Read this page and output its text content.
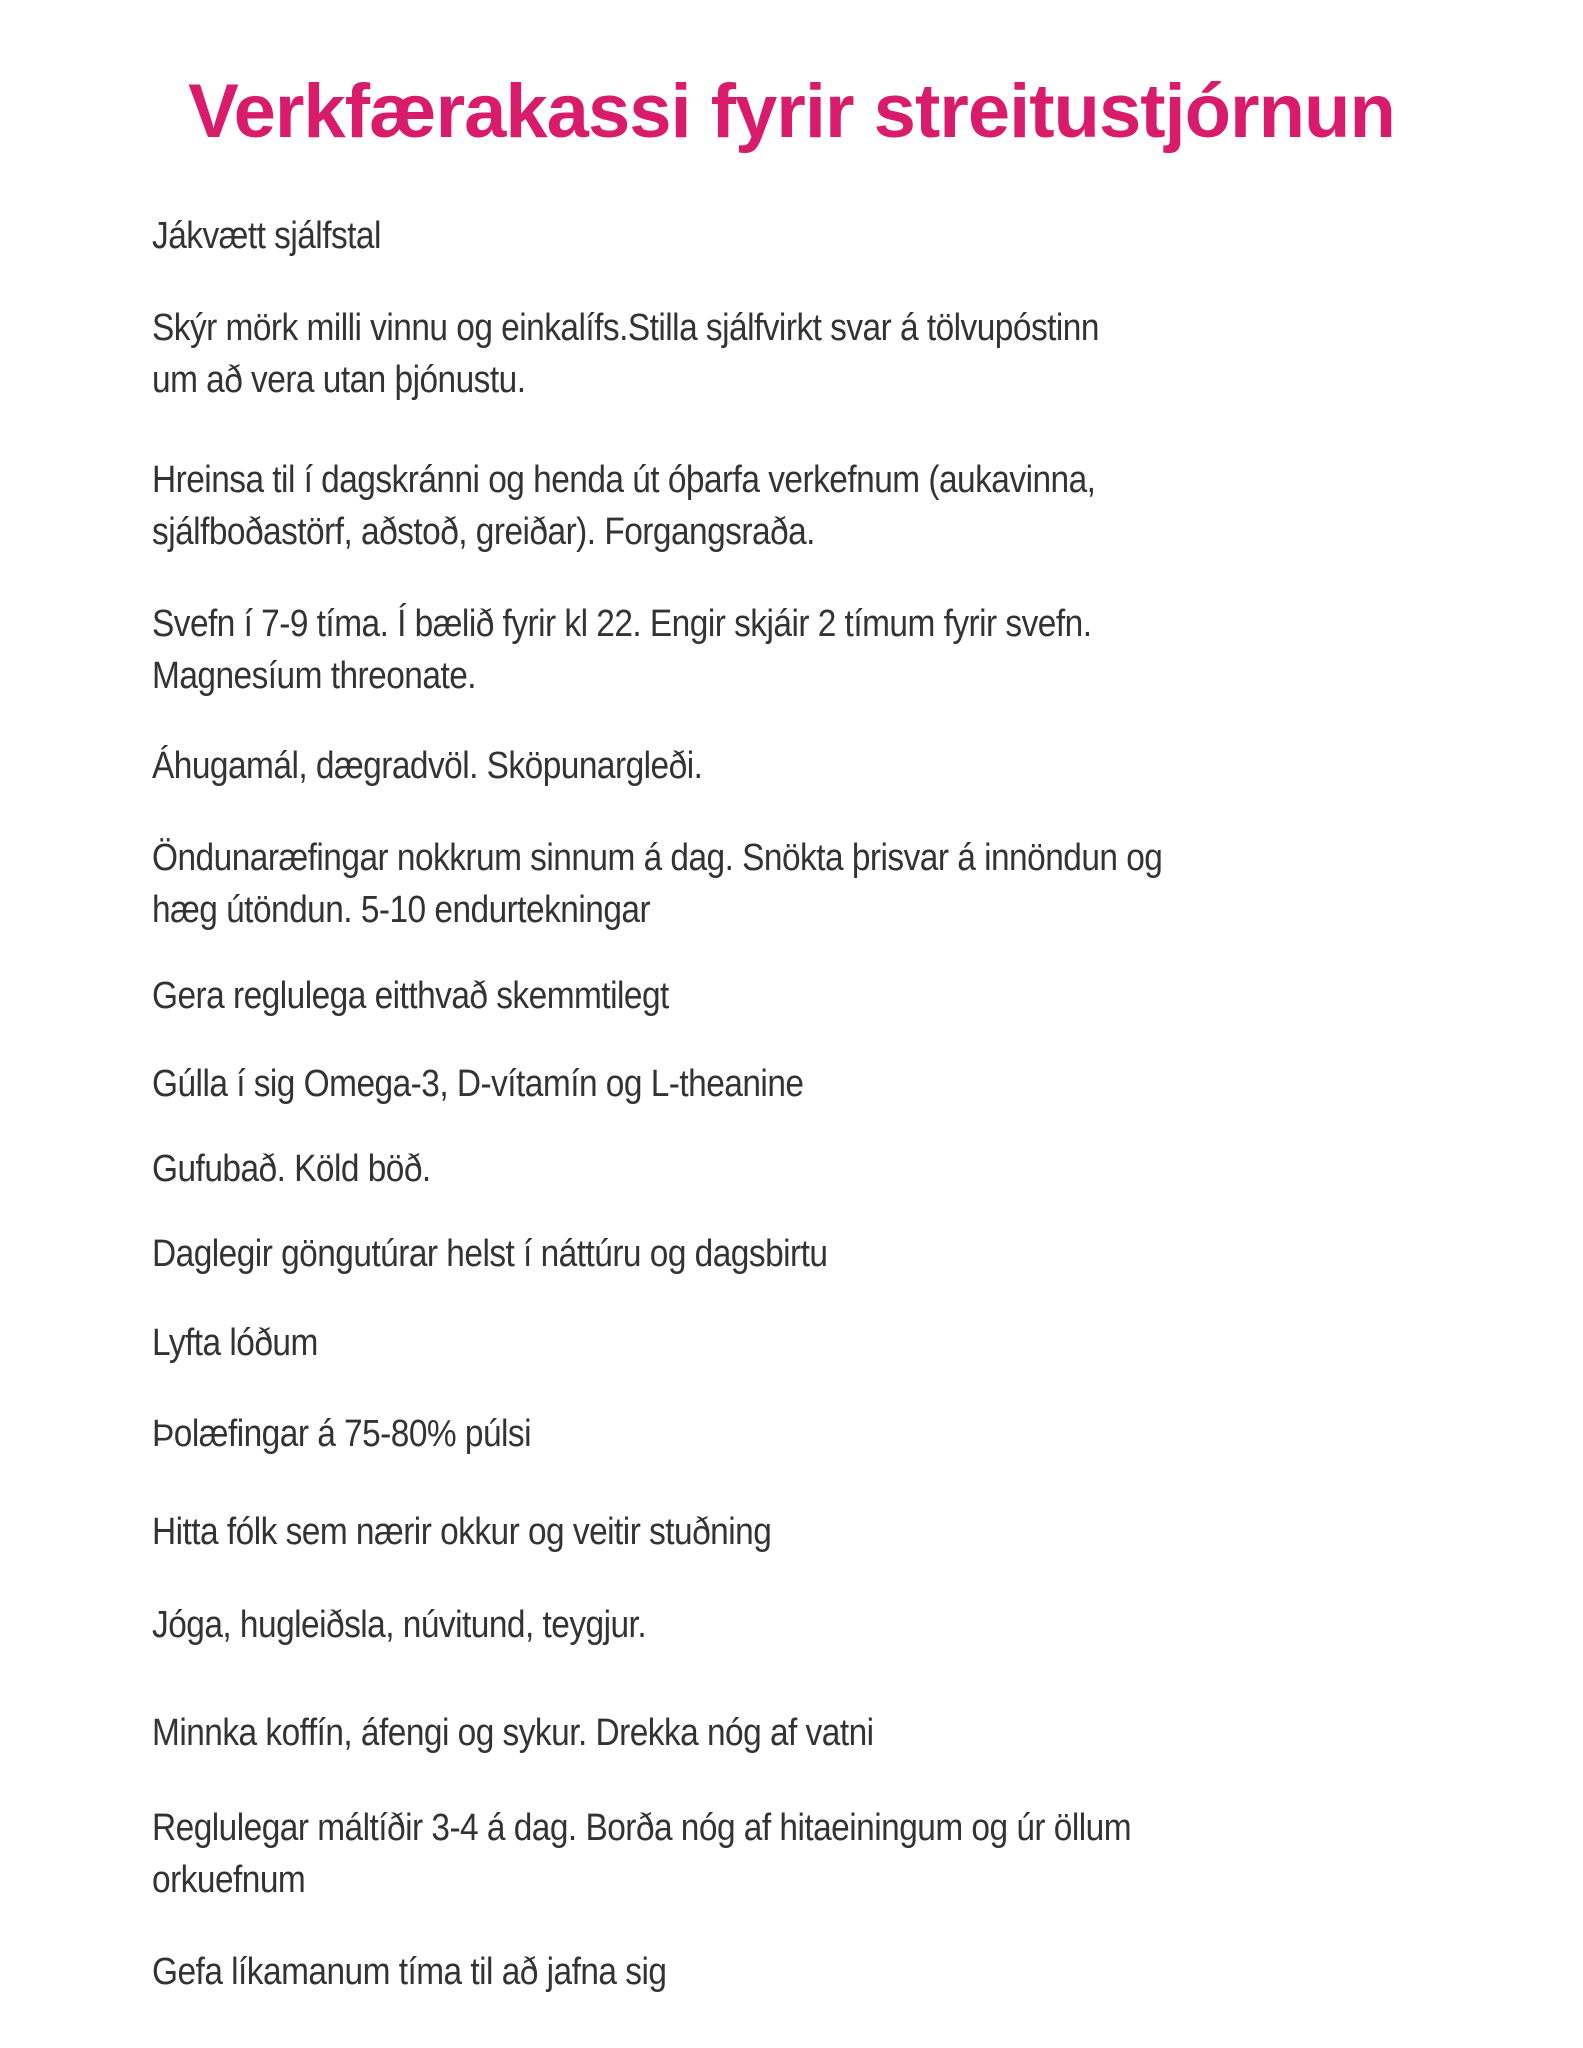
Verkfærakassi fyrir streitustjórnun
Jákvætt sjálfstal
Skýr mörk milli vinnu og einkalífs.Stilla sjálfvirkt svar á tölvupóstinn
um að vera utan þjónustu.
Hreinsa til í dagskránni og henda út óþarfa verkefnum (aukavinna,
sjálfboðastörf, aðstoð, greiðar). Forgangsraða.
Svefn í 7-9 tíma. Í bælið fyrir kl 22. Engir skjáir 2 tímum fyrir svefn.
Magnesíum threonate.
Áhugamál, dægradvöl. Sköpunargleði.
Öndunaræfingar nokkrum sinnum á dag. Snökta þrisvar á innöndun og
hæg útöndun. 5-10 endurtekningar
Gera reglulega eitthvað skemmtilegt
Gúlla í sig Omega-3, D-vítamín og L-theanine
Gufubað. Köld böð.
Daglegir göngutúrar helst í náttúru og dagsbirtu
Lyfta lóðum
Þolæfingar á 75-80% púlsi
Hitta fólk sem nærir okkur og veitir stuðning
Jóga, hugleiðsla, núvitund, teygjur.
Minnka koffín, áfengi og sykur. Drekka nóg af vatni
Reglulegar máltíðir 3-4 á dag. Borða nóg af hitaeiningum og úr öllum
orkuefnum
Gefa líkamanum tíma til að jafna sig
